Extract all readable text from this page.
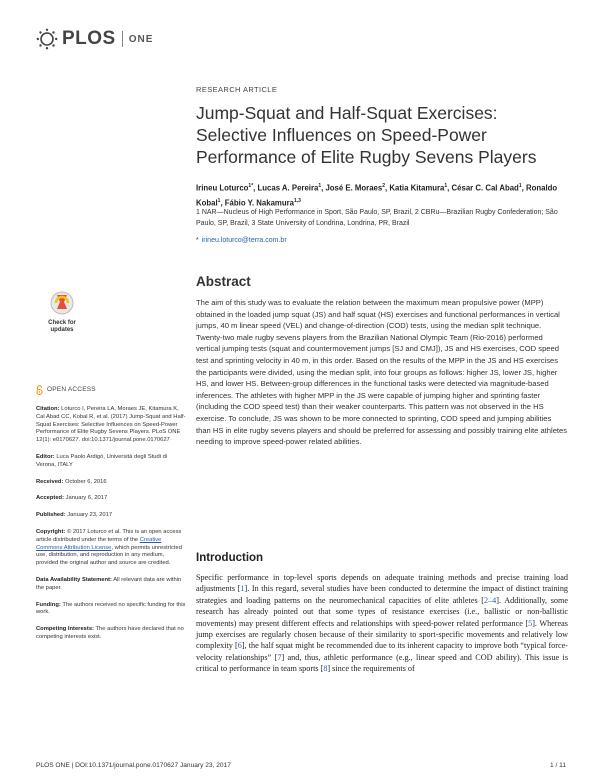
PLOS ONE
RESEARCH ARTICLE
Jump-Squat and Half-Squat Exercises: Selective Influences on Speed-Power Performance of Elite Rugby Sevens Players
Irineu Loturco$^{1*}$, Lucas A. Pereira$^1$, José E. Moraes$^2$, Katia Kitamura$^1$, César C. Cal Abad$^1$, Ronaldo Kobal$^1$, Fábio Y. Nakamura$^{1,3}$
1 NAR—Nucleus of High Performance in Sport, São Paulo, SP, Brazil, 2 CBRu—Brazilian Rugby Confederation; São Paulo, SP, Brazil, 3 State University of Londrina, Londrina, PR, Brazil
* irineu.loturco@terra.com.br
Abstract

The aim of this study was to evaluate the relation between the maximum mean propulsive power (MPP) obtained in the loaded jump squat (JS) and half squat (HS) exercises and functional performances in vertical jumps, 40 m linear speed (VEL) and change-of-direction (COD) tests, using the median split technique. Twenty-two male rugby sevens players from the Brazilian National Olympic Team (Rio-2016) performed vertical jumping tests (squat and countermovement jumps [SJ and CMJ]), JS and HS exercises, COD speed test and sprinting velocity in 40 m, in this order. Based on the results of the MPP in the JS and HS exercises the participants were divided, using the median split, into four groups as follows: higher JS, lower JS, higher HS, and lower HS. Between-group differences in the functional tasks were detected via magnitude-based inferences. The athletes with higher MPP in the JS were capable of jumping higher and sprinting faster (including the COD speed test) than their weaker counterparts. This pattern was not observed in the HS exercise. To conclude, JS was shown to be more connected to sprinting, COD speed and jumping abilities than HS in elite rugby sevens players and should be preferred for assessing and possibly training elite athletes needing to improve speed-power related abilities.

Introduction

Specific performance in top-level sports depends on adequate training methods and precise training load adjustments [1]. In this regard, several studies have been conducted to determine the impact of distinct training strategies and loading patterns on the neuromechanical capacities of elite athletes [2–4]. Additionally, some research has already pointed out that some types of resistance exercises (i.e., ballistic or non-ballistic movements) may present different effects and relationships with speed-power related performance [5]. Whereas jump exercises are regularly chosen because of their similarity to sport-specific movements and relatively low complexity [6], the half squat might be recommended due to its inherent capacity to improve both “typical force-velocity relationships” [7] and, thus, athletic performance (e.g., linear speed and COD ability). This issue is critical to performance in team sports [8] since the requirements of

Check for updates
OPEN ACCESS
Citation: Loturco I, Pereira LA, Moraes JE, Kitamura K, Cal Abad CC, Kobal R, et al. (2017) Jump-Squat and Half-Squat Exercises: Selective Influences on Speed-Power Performance of Elite Rugby Sevens Players. PLoS ONE 12(1): e0170627. doi:10.1371/journal.pone.0170627
Editor: Luca Paolo Ardigò, Università degli Studi di Verona, ITALY
Received: October 6, 2016
Accepted: January 6, 2017
Published: January 23, 2017
Copyright: © 2017 Loturco et al. This is an open access article distributed under the terms of the Creative Commons Attribution License, which permits unrestricted use, distribution, and reproduction in any medium, provided the original author and source are credited.
Data Availability Statement: All relevant data are within the paper.
Funding: The authors received no specific funding for this work.
Competing Interests: The authors have declared that no competing interests exist.
PLOS ONE | DOI:10.1371/journal.pone.0170627 January 23, 2017	1 / 11
